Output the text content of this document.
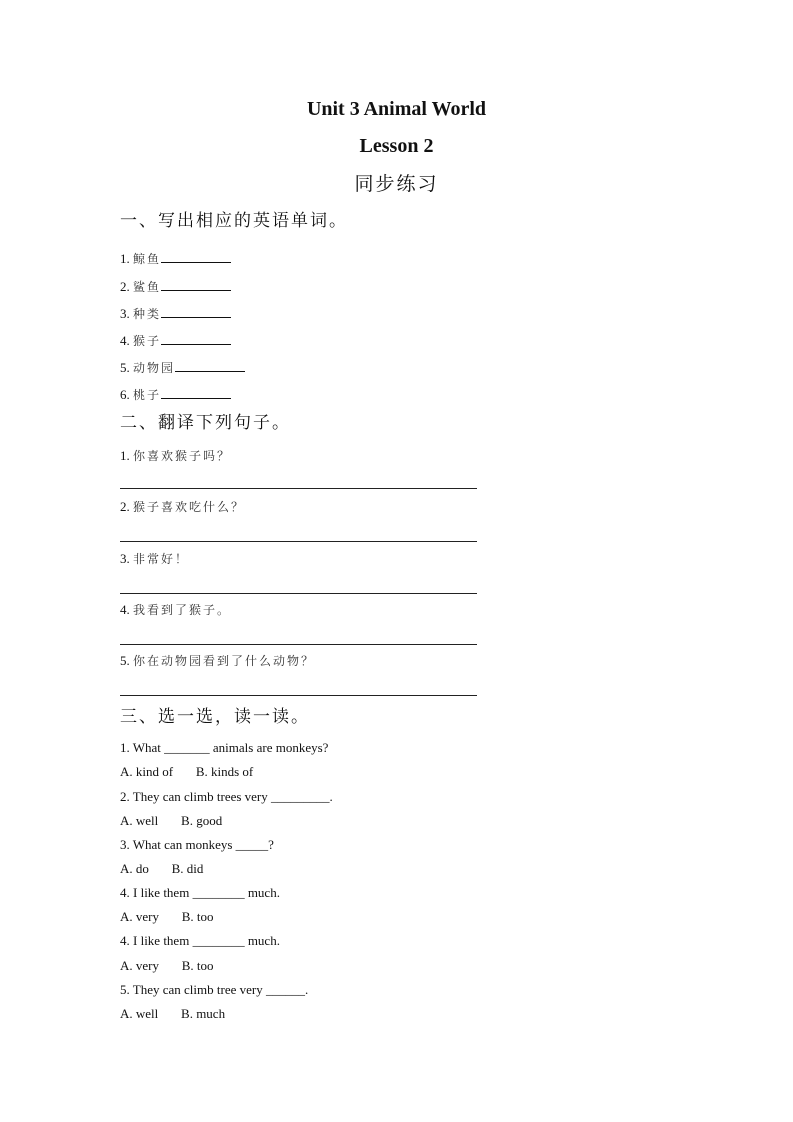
Unit 3 Animal World
Lesson 2
同步练习
一、写出相应的英语单词。
1. 鲸鱼
2. 鲨鱼
3. 种类
4. 猴子
5. 动物园
6. 桃子
二、翻译下列句子。
1. 你喜欢猴子吗？
2. 猴子喜欢吃什么？
3. 非常好！
4. 我看到了猴子。
5. 你在动物园看到了什么动物？
三、选一选，读一读。
1. What _______ animals are monkeys?
A. kind of       B. kinds of
2. They can climb trees very _________.
A. well       B. good
3. What can monkeys _____?
A. do       B. did
4. I like them ________ much.
A. very       B. too
4. I like them ________ much.
A. very       B. too
5. They can climb tree very ______.
A. well       B. much
